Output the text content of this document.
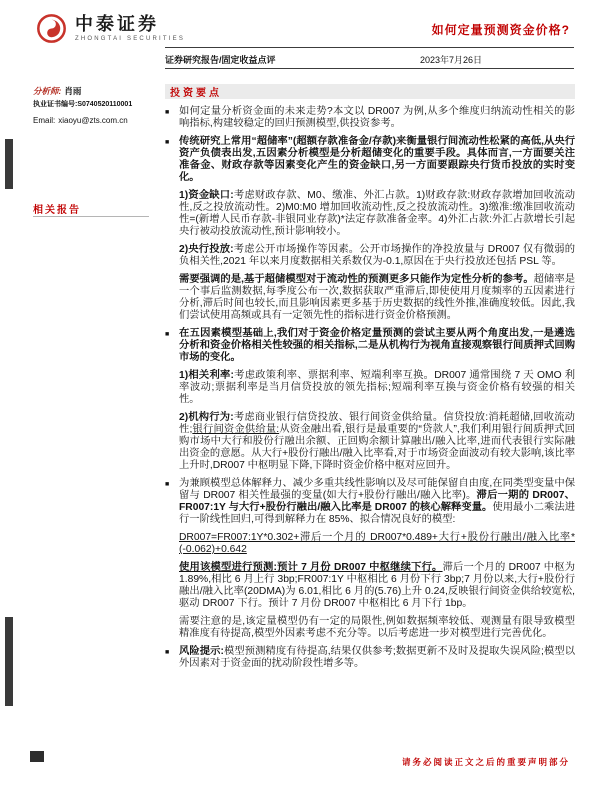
中泰证券
ZHONGTAI SECURITIES
如何定量预测资金价格?
证券研究报告/固定收益点评	2023年7月26日
分析师: 肖雨
执业证书编号:S0740520110001
Email: xiaoyu@zts.com.cn
相关报告
投资要点
■ 如何定量分析资金面的未来走势?本文以 DR007 为例,从多个维度归纳流动性相关的影响指标,构建较稳定的回归预测模型,供投资参考。
■ 传统研究上常用“超储率”(超额存款准备金/存款)来衡量银行间流动性松紧的高低,从央行资产负债表出发,五因素分析模型是分析超储变化的重要手段。具体而言,一方面要关注准备金、财政存款等因素变化产生的资金缺口,另一方面要跟踪央行货币投放的实时变化。
1)资金缺口:考虑财政存款、M0、缴准、外汇占款。1)财政存款:财政存款增加回收流动性,反之投放流动性。2)M0:M0 增加回收流动性,反之投放流动性。3)缴准:缴准回收流动性=(新增人民币存款-非银同业存款)*法定存款准备金率。4)外汇占款:外汇占款增长引起央行被动投放流动性,预计影响较小。
2)央行投放:考虑公开市场操作等因素。公开市场操作的净投放量与 DR007 仅有微弱的负相关性,2021 年以来月度数据相关系数仅为-0.1,原因在于央行投放还包括 PSL 等。
需要强调的是,基于超储模型对于流动性的预测更多只能作为定性分析的参考。超储率是一个事后监测数据,每季度公布一次,数据获取严重滞后,即使使用月度频率的五因素进行分析,滞后时间也较长,而且影响因素更多基于历史数据的线性外推,准确度较低。因此,我们尝试使用高频或具有一定领先性的指标进行资金价格预测。
■ 在五因素模型基础上,我们对于资金价格定量预测的尝试主要从两个角度出发,一是遴选分析和资金价格相关性较强的相关指标,二是从机构行为视角直接观察银行间质押式回购市场的变化。
1)相关利率:考虑政策利率、票据利率、短端利率互换。DR007 通常围绕 7 天 OMO 利率波动;票据利率是当月信贷投放的领先指标;短端利率互换与资金价格有较强的相关性。
2)机构行为:考虑商业银行信贷投放、银行间资金供给量。信贷投放:消耗超储,回收流动性;银行间资金供给量:从资金融出看,银行是最重要的“贷款人”,我们利用银行间质押式回购市场中大行和股份行融出余额、正回购余额计算融出/融入比率,进而代表银行实际融出资金的意愿。从大行+股份行融出/融入比率看,对于市场资金面波动有较大影响,该比率上升时,DR007 中枢明显下降,下降时资金价格中枢对应回升。
■ 为兼顾模型总体解释力、减少多重共线性影响以及尽可能保留自由度,在同类型变量中保留与 DR007 相关性最强的变量(如大行+股份行融出/融入比率)。滞后一期的 DR007、FR007:1Y 与大行+股份行融出/融入比率是 DR007 的核心解释变量。使用最小二乘法进行一阶线性回归,可得到解释力在 85%、拟合情况良好的模型:
DR007=FR007:1Y*0.302+滞后一个月的 DR007*0.489+大行+股份行融出/融入比率*(-0.062)+0.642
使用该模型进行预测:预计 7 月份 DR007 中枢继续下行。滞后一个月的 DR007 中枢为 1.89%,相比 6 月上行 3bp;FR007:1Y 中枢相比 6 月份下行 3bp;7 月份以来,大行+股份行融出/融入比率(20DMA)为 6.01,相比 6 月的(5.76)上升 0.24,反映银行间资金供给较宽松,驱动 DR007 下行。预计 7 月份 DR007 中枢相比 6 月下行 1bp。
需要注意的是,该定量模型仍有一定的局限性,例如数据频率较低、观测量有限导致模型精准度有待提高,模型外因素考虑不充分等。以后考虑进一步对模型进行完善优化。
■ 风险提示:模型预测精度有待提高,结果仅供参考;数据更新不及时及提取失误风险;模型以外因素对于资金面的扰动阶段性增多等。
请务必阅读正文之后的重要声明部分
